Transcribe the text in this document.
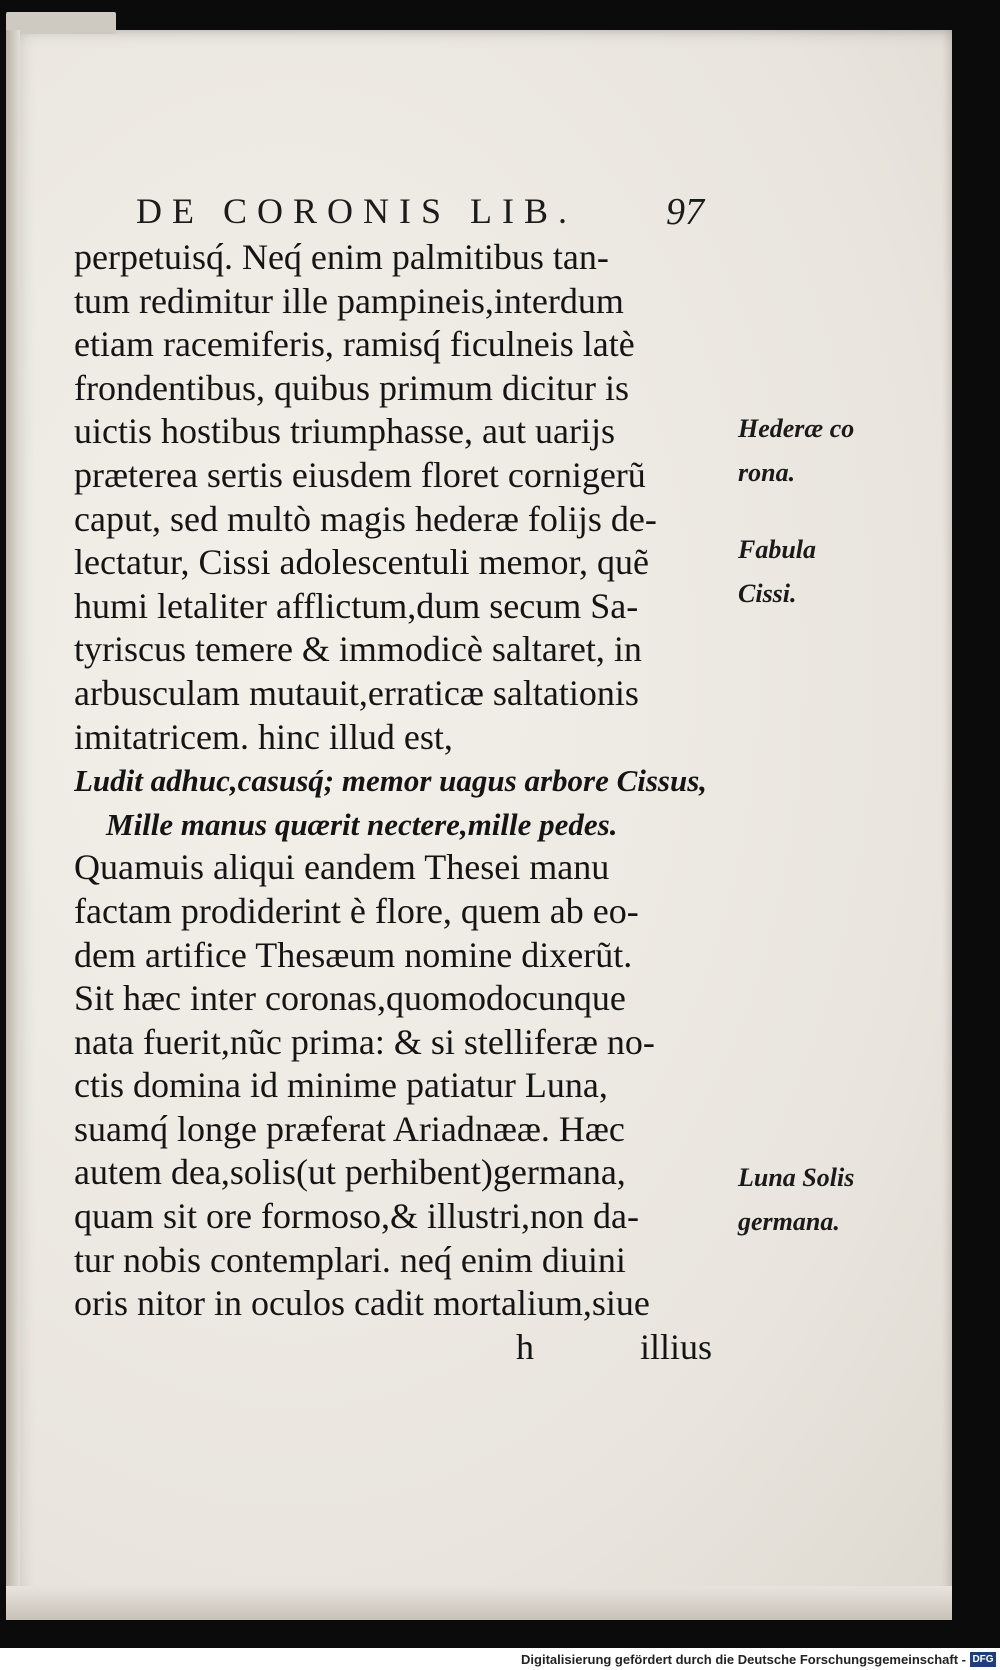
DE CORONIS LIB. 97
perpetuisq́. Neq́ enim palmitibus tan-
tum redimitur ille pampineis,interdum
etiam racemiferis, ramisq́ ficulneis latè
frondentibus, quibus primum dicitur is
uictis hostibus triumphasse, aut uarijs
præterea sertis eiusdem floret cornigerũ
caput, sed multò magis hederæ folijs de-
lectatur, Cissi adolescentuli memor, quẽ
humi letaliter afflictum,dum secum Sa-
tyriscus temere & immodicè saltaret, in
arbusculam mutauit,erraticæ saltationis
imitatricem. hinc illud est,
Ludit adhuc,casusq́; memor uagus arbore Cissus,
Mille manus quærit nectere,mille pedes.
Quamuis aliqui eandem Thesei manu
factam prodiderint è flore, quem ab eo-
dem artifice Thesæum nomine dixerũt.
Sit hæc inter coronas,quomodocunque
nata fuerit,nũc prima: & si stelliferæ no-
ctis domina id minime patiatur Luna,
suamq́ longe præferat Ariadnææ. Hæc
autem dea,solis(ut perhibent)germana,
quam sit ore formoso,& illustri,non da-
tur nobis contemplari. neq́ enim diuini
oris nitor in oculos cadit mortalium,siue
h	illius
Hederæ co
rona.
Fabula
Cissi.
Luna Solis
germana.
Digitalisierung gefördert durch die Deutsche Forschungsgemeinschaft - DFG
